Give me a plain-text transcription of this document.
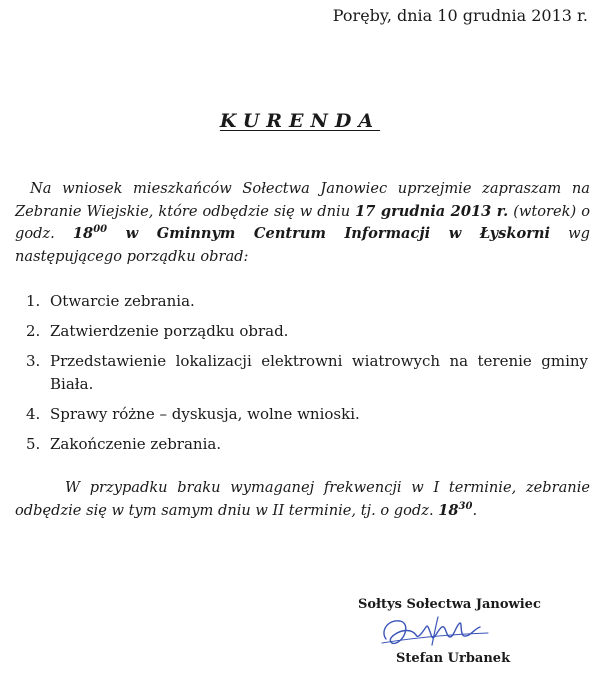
Poręby, dnia 10 grudnia 2013 r.
KURENDA

Na wniosek mieszkańców Sołectwa Janowiec uprzejmie zapraszam na Zebranie Wiejskie, które odbędzie się w dniu 17 grudnia 2013 r. (wtorek) o godz. $18^{00}$ w Gminnym Centrum Informacji w Łyskorni wg następującego porządku obrad:

1. Otwarcie zebrania.
2. Zatwierdzenie porządku obrad.
3. Przedstawienie lokalizacji elektrowni wiatrowych na terenie gminy Biała.
4. Sprawy różne – dyskusja, wolne wnioski.
5. Zakończenie zebrania.

W przypadku braku wymaganej frekwencji w I terminie, zebranie odbędzie się w tym samym dniu w II terminie, tj. o godz. $18^{30}$.

Sołtys Sołectwa Janowiec
Stefan Urbanek
